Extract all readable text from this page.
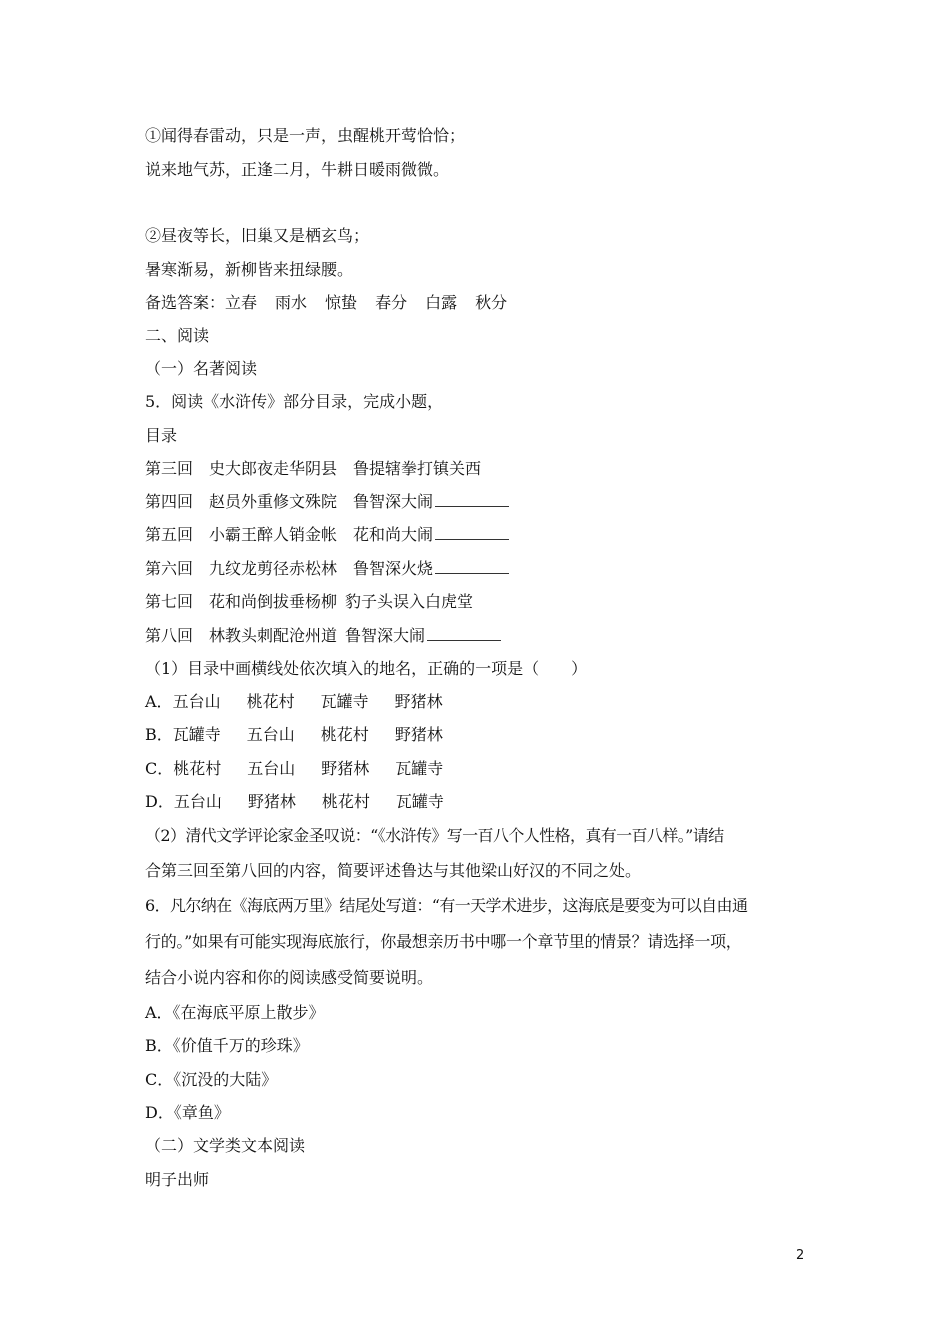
①闻得春雷动，只是一声，虫醒桃开莺恰恰；

说来地气苏，正逢二月，牛耕日暖雨微微。

②昼夜等长，旧巢又是栖玄鸟；

暑寒渐易，新柳皆来扭绿腰。

备选答案：立春 雨水 惊蛰 春分 白露 秋分

二、阅读

（一）名著阅读

5．阅读《水浒传》部分目录，完成小题，

目录

第三回 史大郎夜走华阴县 鲁提辖拳打镇关西

第四回 赵员外重修文殊院 鲁智深大闹

第五回 小霸王醉人销金帐 花和尚大闹

第六回 九纹龙剪径赤松林 鲁智深火烧

第七回 花和尚倒拔垂杨柳 豹子头误入白虎堂

第八回 林教头刺配沧州道 鲁智深大闹

（1）目录中画横线处依次填入的地名，正确的一项是（　　）

A．五台山 桃花村 瓦罐寺 野猪林

B．瓦罐寺 五台山 桃花村 野猪林

C．桃花村 五台山 野猪林 瓦罐寺

D．五台山 野猪林 桃花村 瓦罐寺

（2）清代文学评论家金圣叹说：“《水浒传》写一百八个人性格，真有一百八样。”请结

合第三回至第八回的内容，简要评述鲁达与其他梁山好汉的不同之处。

6．凡尔纳在《海底两万里》结尾处写道：“有一天学术进步，这海底是要变为可以自由通

行的。”如果有可能实现海底旅行，你最想亲历书中哪一个章节里的情景？请选择一项，

结合小说内容和你的阅读感受简要说明。

A．《在海底平原上散步》

B．《价值千万的珍珠》

C．《沉没的大陆》

D．《章鱼》

（二）文学类文本阅读

明子出师

2
